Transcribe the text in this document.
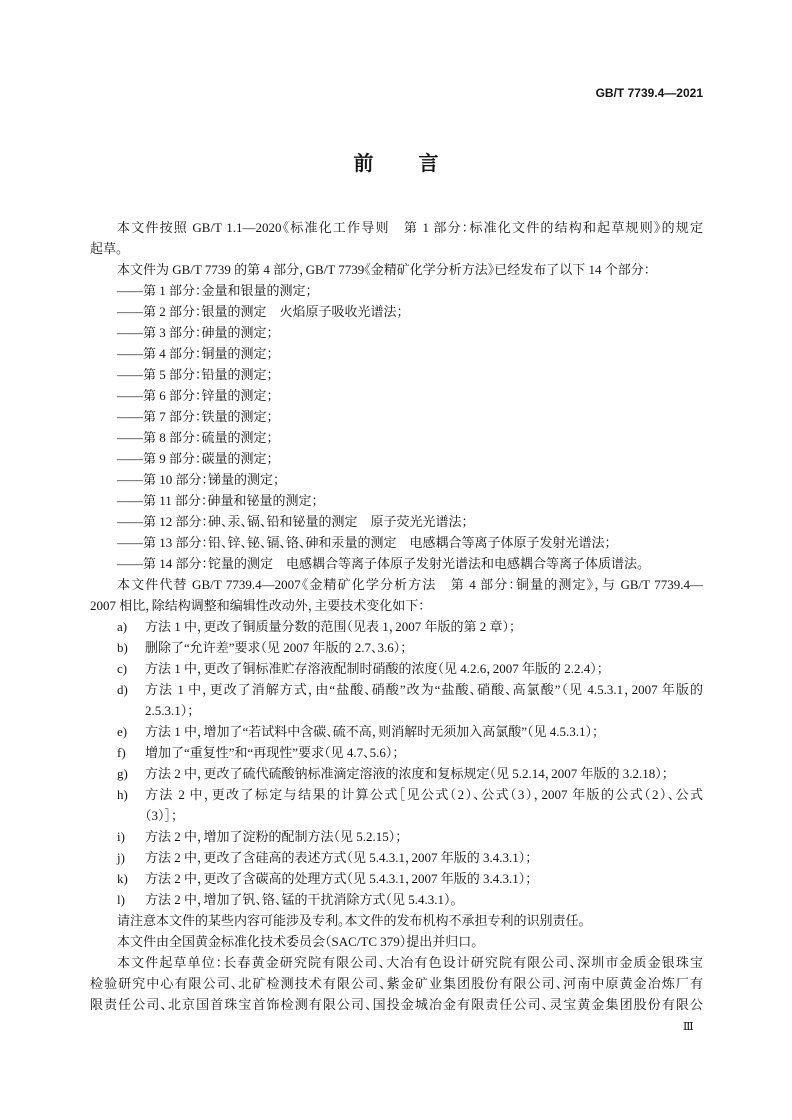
GB/T 7739.4—2021
前 言
本文件按照 GB/T 1.1—2020《标准化工作导则　第 1 部分：标准化文件的结构和起草规则》的规定
起草。
本文件为 GB/T 7739 的第 4 部分，GB/T 7739《金精矿化学分析方法》已经发布了以下 14 个部分：
——第 1 部分：金量和银量的测定；
——第 2 部分：银量的测定　火焰原子吸收光谱法；
——第 3 部分：砷量的测定；
——第 4 部分：铜量的测定；
——第 5 部分：铅量的测定；
——第 6 部分：锌量的测定；
——第 7 部分：铁量的测定；
——第 8 部分：硫量的测定；
——第 9 部分：碳量的测定；
——第 10 部分：锑量的测定；
——第 11 部分：砷量和铋量的测定；
——第 12 部分：砷、汞、镉、铅和铋量的测定　原子荧光光谱法；
——第 13 部分：铅、锌、铋、镉、铬、砷和汞量的测定　电感耦合等离子体原子发射光谱法；
——第 14 部分：铊量的测定　电感耦合等离子体原子发射光谱法和电感耦合等离子体质谱法。
本文件代替 GB/T 7739.4—2007《金精矿化学分析方法　第 4 部分：铜量的测定》，与 GB/T 7739.4—
2007 相比，除结构调整和编辑性改动外，主要技术变化如下：
a)	方法 1 中，更改了铜质量分数的范围（见表 1，2007 年版的第 2 章）；
b)	删除了“允许差”要求（见 2007 年版的 2.7、3.6）；
c)	方法 1 中，更改了铜标准贮存溶液配制时硝酸的浓度（见 4.2.6，2007 年版的 2.2.4）；
d)	方法 1 中，更改了消解方式，由“盐酸、硝酸”改为“盐酸、硝酸、高氯酸”（见 4.5.3.1，2007 年版的
2.5.3.1）；
e)	方法 1 中，增加了“若试料中含碳、硫不高，则消解时无须加入高氯酸”（见 4.5.3.1）；
f)	增加了“重复性”和“再现性”要求（见 4.7、5.6）；
g)	方法 2 中，更改了硫代硫酸钠标准滴定溶液的浓度和复标规定（见 5.2.14，2007 年版的 3.2.18）；
h)	方法 2 中，更改了标定与结果的计算公式［见公式（2）、公式（3），2007 年版的公式（2）、公式
（3）］；
i)	方法 2 中，增加了淀粉的配制方法（见 5.2.15）；
j)	方法 2 中，更改了含硅高的表述方式（见 5.4.3.1，2007 年版的 3.4.3.1）；
k)	方法 2 中，更改了含碳高的处理方式（见 5.4.3.1，2007 年版的 3.4.3.1）；
l)	方法 2 中，增加了钒、铬、锰的干扰消除方式（见 5.4.3.1）。
请注意本文件的某些内容可能涉及专利。本文件的发布机构不承担专利的识别责任。
本文件由全国黄金标准化技术委员会（SAC/TC 379）提出并归口。
本文件起草单位：长春黄金研究院有限公司、大冶有色设计研究院有限公司、深圳市金质金银珠宝
检验研究中心有限公司、北矿检测技术有限公司、紫金矿业集团股份有限公司、河南中原黄金冶炼厂有
限责任公司、北京国首珠宝首饰检测有限公司、国投金城冶金有限责任公司、灵宝黄金集团股份有限公
Ⅲ
